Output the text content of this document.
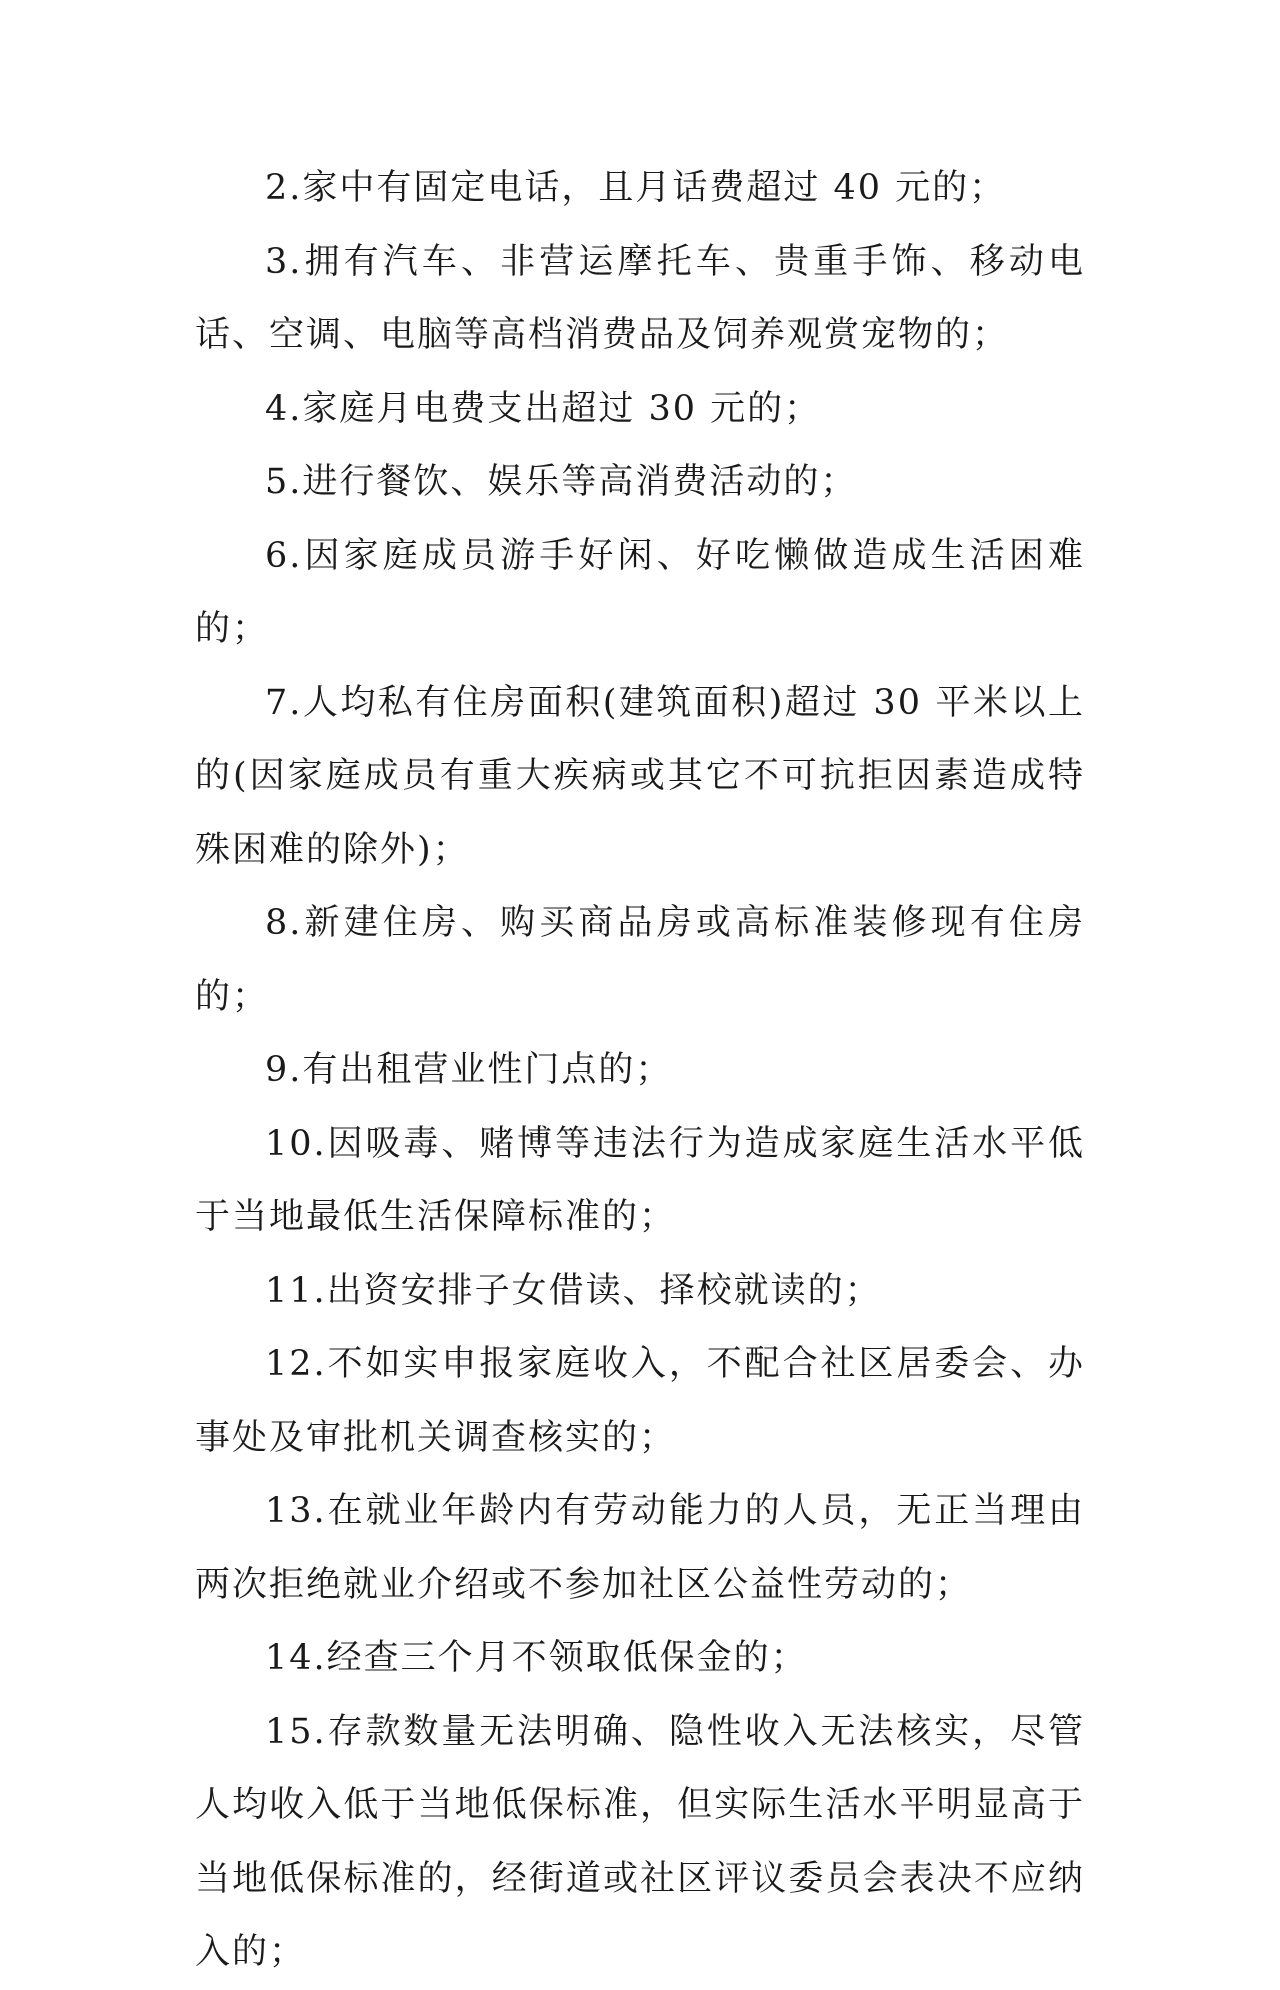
2.家中有固定电话，且月话费超过 40 元的；

3.拥有汽车、非营运摩托车、贵重手饰、移动电话、空调、电脑等高档消费品及饲养观赏宠物的；

4.家庭月电费支出超过 30 元的；

5.进行餐饮、娱乐等高消费活动的；

6.因家庭成员游手好闲、好吃懒做造成生活困难的；

7.人均私有住房面积(建筑面积)超过 30 平米以上的(因家庭成员有重大疾病或其它不可抗拒因素造成特殊困难的除外)；

8.新建住房、购买商品房或高标准装修现有住房的；

9.有出租营业性门点的；

10.因吸毒、赌博等违法行为造成家庭生活水平低于当地最低生活保障标准的；

11.出资安排子女借读、择校就读的；

12.不如实申报家庭收入，不配合社区居委会、办事处及审批机关调查核实的；

13.在就业年龄内有劳动能力的人员，无正当理由两次拒绝就业介绍或不参加社区公益性劳动的；

14.经查三个月不领取低保金的；

15.存款数量无法明确、隐性收入无法核实，尽管人均收入低于当地低保标准，但实际生活水平明显高于当地低保标准的，经街道或社区评议委员会表决不应纳入的；
